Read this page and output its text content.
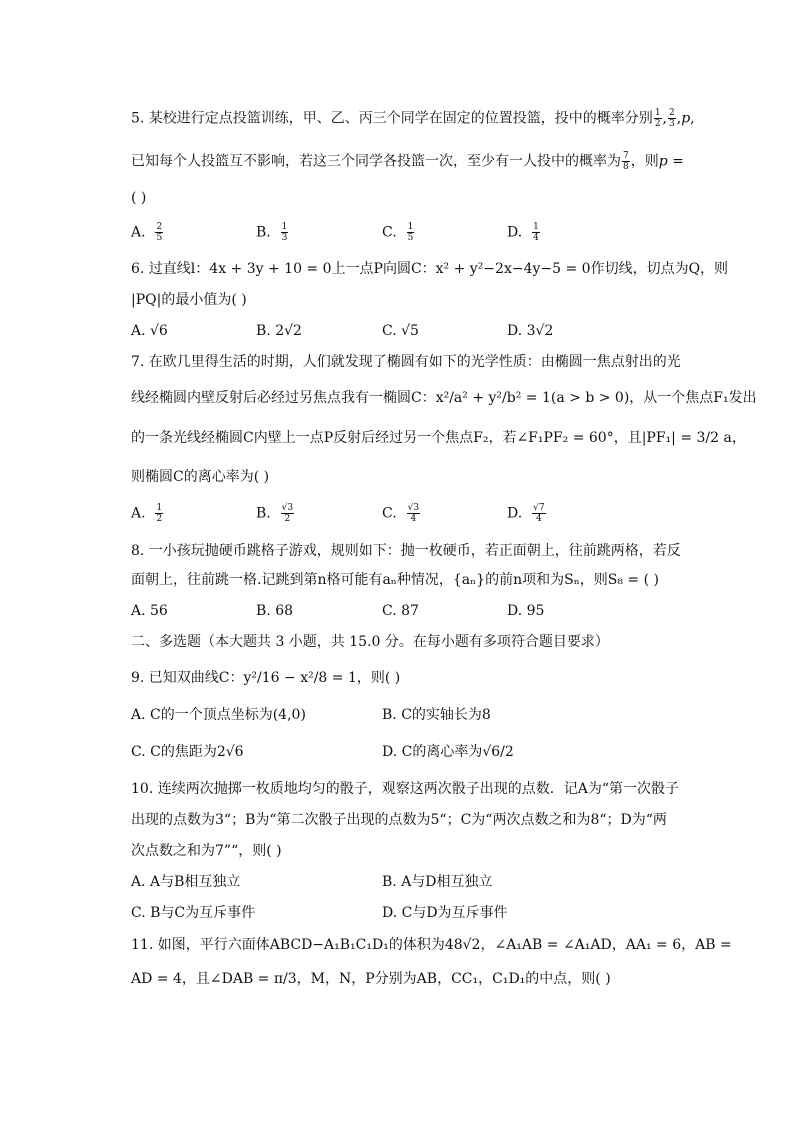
5. 某校进行定点投篮训练，甲、乙、丙三个同学在固定的位置投篮，投中的概率分别 $\frac{1}{2}$ , $\frac{2}{3} ,p$,
已知每个人投篮互不影响，若这三个同学各投篮一次，至少有一人投中的概率为 $\frac{7}{8}$ ，则p =
( )
A. $\frac{2}{5}$	B. $\frac{1}{3}$	C. $\frac{1}{5}$	D. $\frac{1}{4}$
6. 过直线l：4x + 3y + 10 = 0上一点P向圆C：x² + y²−2x−4y−5 = 0作切线，切点为Q，则
|PQ|的最小值为( )
A. √6	B. 2√2	C. √5	D. 3√2
7. 在欧几里得生活的时期，人们就发现了椭圆有如下的光学性质：由椭圆一焦点射出的光
线经椭圆内壁反射后必经过另焦点我有一椭圆C：x²/a² + y²/b² = 1(a > b > 0)，从一个焦点F₁发出
的一条光线经椭圆C内壁上一点P反射后经过另一个焦点F₂，若∠F₁PF₂ = 60°，且|PF₁| = 3/2 a，
则椭圆C的离心率为( )
A. $\frac{1}{2}$	B. $\frac{√3}{2}$	C. $\frac{√3}{4}$	D. $\frac{√7}{4}$
8. 一小孩玩抛硬币跳格子游戏，规则如下：抛一枚硬币，若正面朝上，往前跳两格，若反
面朝上，往前跳一格.记跳到第n格可能有aₙ种情况，{aₙ}的前n项和为Sₙ，则S₈ = ( )
A. 56	B. 68	C. 87	D. 95
二、多选题（本大题共 3 小题，共 15.0 分。在每小题有多项符合题目要求）
9. 已知双曲线C：y²/16 − x²/8 = 1，则( )
A. C的一个顶点坐标为(4,0)	B. C的实轴长为8
C. C的焦距为2√6	D. C的离心率为√6/2
10. 连续两次抛掷一枚质地均匀的骰子，观察这两次骰子出现的点数．记A为“第一次骰子
出现的点数为3“；B为“第二次骰子出现的点数为5“；C为“两次点数之和为8“；D为“两
次点数之和为7”“，则( )
A. A与B相互独立	B. A与D相互独立
C. B与C为互斥事件	D. C与D为互斥事件
11. 如图，平行六面体ABCD−A₁B₁C₁D₁的体积为48√2，∠A₁AB = ∠A₁AD，AA₁ = 6，AB =
AD = 4，且∠DAB = π/3，M，N，P分别为AB，CC₁，C₁D₁的中点，则( )
